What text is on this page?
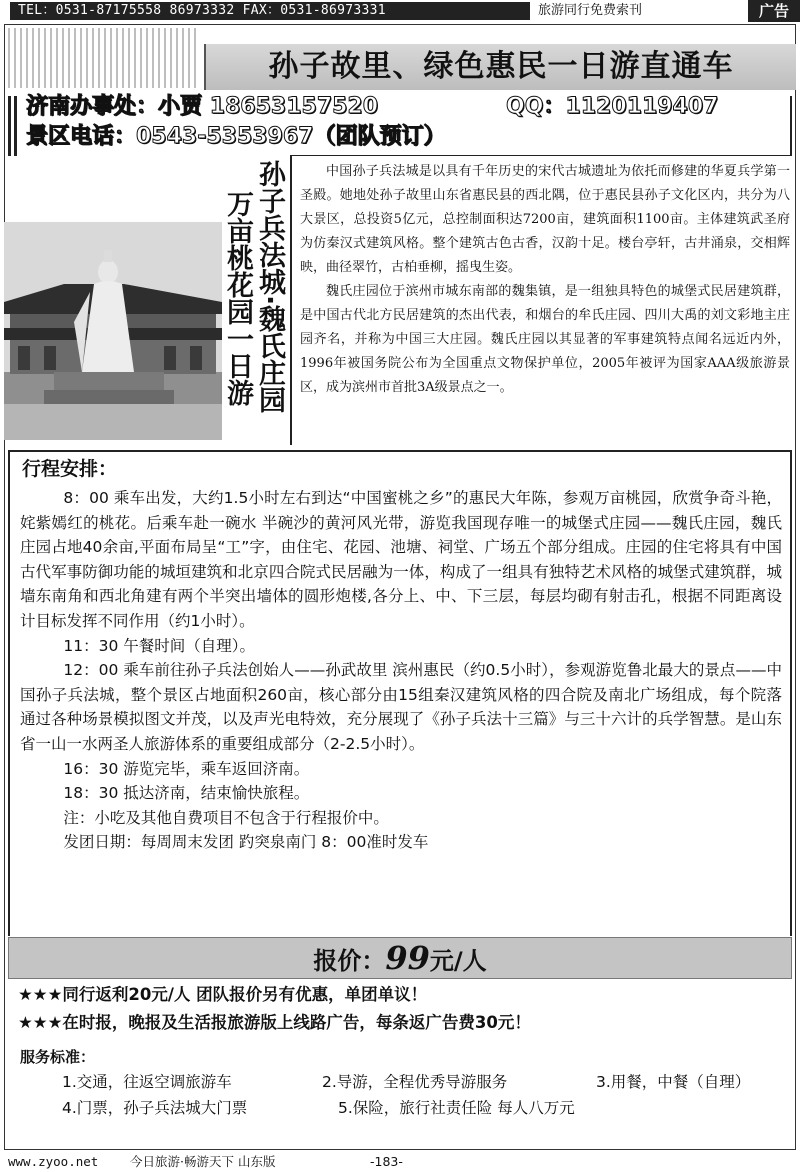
TEL：0531-87175558 86973332 FAX：0531-86973331	旅游同行免费索刊	广告
孙子故里、绿色惠民一日游直通车
济南办事处：小贾 18653157520	QQ：1120119407
景区电话：0543-5353967（团队预订）
孙子兵法城·魏氏庄园
万亩桃花园一日游

中国孙子兵法城是以具有千年历史的宋代古城遗址为依托而修建的华夏兵学第一圣殿。她地处孙子故里山东省惠民县的西北隅，位于惠民县孙子文化区内，共分为八大景区，总投资5亿元，总控制面积达7200亩，建筑面积1100亩。主体建筑武圣府为仿秦汉式建筑风格。整个建筑古色古香，汉韵十足。楼台亭轩，古井涌泉，交相辉映，曲径翠竹，古柏垂柳，摇曳生姿。

魏氏庄园位于滨州市城东南部的魏集镇，是一组独具特色的城堡式民居建筑群，是中国古代北方民居建筑的杰出代表，和烟台的牟氏庄园、四川大禹的刘文彩地主庄园齐名，并称为中国三大庄园。魏氏庄园以其显著的军事建筑特点闻名远近内外，1996年被国务院公布为全国重点文物保护单位，2005年被评为国家AAA级旅游景区，成为滨州市首批3A级景点之一。

行程安排：

8：00 乘车出发，大约1.5小时左右到达“中国蜜桃之乡”的惠民大年陈，参观万亩桃园，欣赏争奇斗艳，姹紫嫣红的桃花。后乘车赴一碗水 半碗沙的黄河风光带，游览我国现存唯一的城堡式庄园——魏氏庄园，魏氏庄园占地40余亩,平面布局呈“工”字，由住宅、花园、池塘、祠堂、广场五个部分组成。庄园的住宅将具有中国古代军事防御功能的城垣建筑和北京四合院式民居融为一体，构成了一组具有独特艺术风格的城堡式建筑群，城墙东南角和西北角建有两个半突出墙体的圆形炮楼,各分上、中、下三层，每层均砌有射击孔，根据不同距离设计目标发挥不同作用（约1小时）。

11：30 午餐时间（自理）。

12：00 乘车前往孙子兵法创始人——孙武故里 滨州惠民（约0.5小时），参观游览鲁北最大的景点——中国孙子兵法城，整个景区占地面积260亩，核心部分由15组秦汉建筑风格的四合院及南北广场组成，每个院落通过各种场景模拟图文并茂，以及声光电特效，充分展现了《孙子兵法十三篇》与三十六计的兵学智慧。是山东省一山一水两圣人旅游体系的重要组成部分（2-2.5小时）。

16：30 游览完毕，乘车返回济南。

18：30 抵达济南，结束愉快旅程。

注：小吃及其他自费项目不包含于行程报价中。

发团日期：每周周末发团 趵突泉南门 8：00准时发车

报价：99元/人
★★★同行返利20元/人 团队报价另有优惠，单团单议！
★★★在时报，晚报及生活报旅游版上线路广告，每条返广告费30元！
服务标准：
1.交通，往返空调旅游车	2.导游，全程优秀导游服务	3.用餐，中餐（自理）
4.门票，孙子兵法城大门票	5.保险，旅行社责任险 每人八万元
www.zyoo.net	今日旅游·畅游天下 山东版	-183-
